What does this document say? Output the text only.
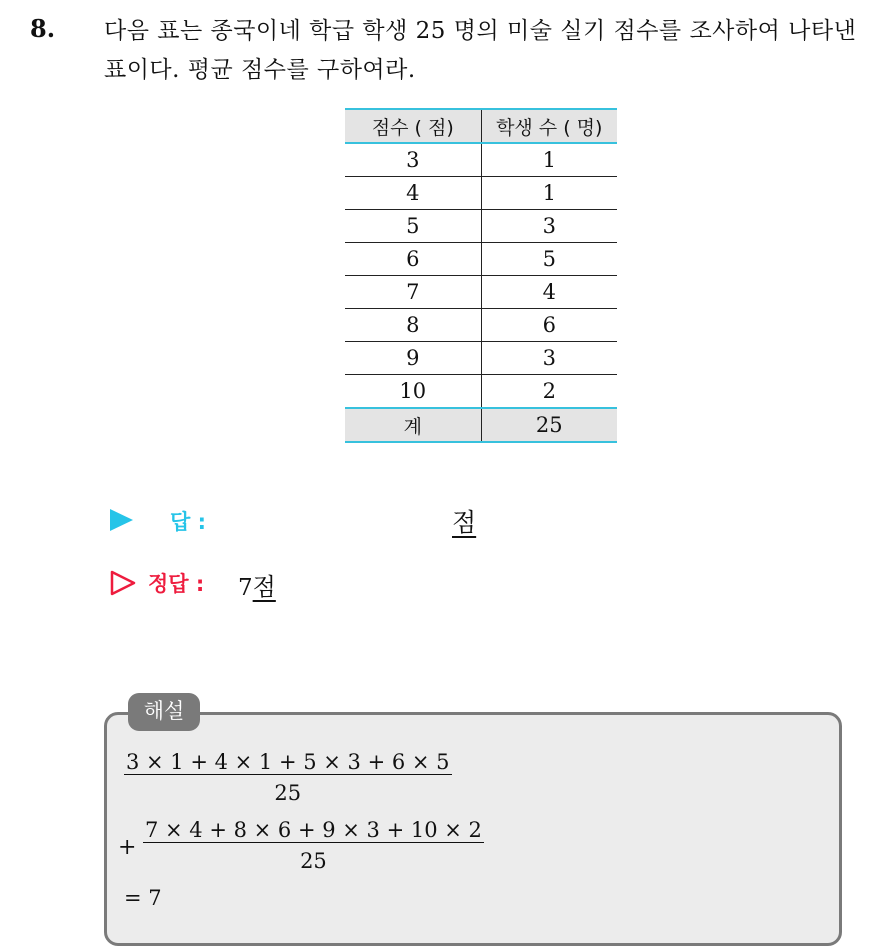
8. 다음 표는 종국이네 학급 학생 25 명의 미술 실기 점수를 조사하여 나타낸 표이다. 평균 점수를 구하여라.
점수 ( 점)	학생 수 ( 명)
3	1
4	1
5	3
6	5
7	4
8	6
9	3
10	2
계	25
답 :	점
정답 : 7점
해설
3 × 1 + 4 × 1 + 5 × 3 + 6 × 5
25
+
7 × 4 + 8 × 6 + 9 × 3 + 10 × 2
25
= 7
